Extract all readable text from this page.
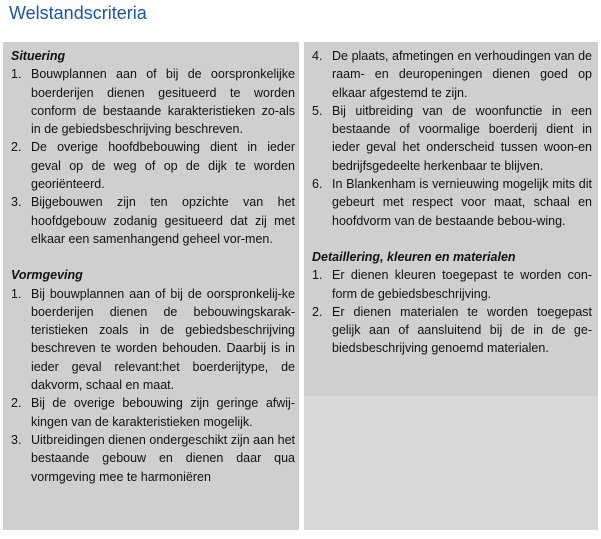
Welstandscriteria
Situering
1. Bouwplannen aan of bij de oorspronkelijke boerderijen dienen gesitueerd te worden conform de bestaande karakteristieken zo-als in de gebiedsbeschrijving beschreven.
2. De overige hoofdbebouwing dient in ieder geval op de weg of op de dijk te worden georiënteerd.
3. Bijgebouwen zijn ten opzichte van het hoofdgebouw zodanig gesitueerd dat zij met elkaar een samenhangend geheel vor-men.
Vormgeving
1. Bij bouwplannen aan of bij de oorspronkelij-ke boerderijen dienen de bebouwingskarak-teristieken zoals in de gebiedsbeschrijving beschreven te worden behouden. Daarbij is in ieder geval relevant:het boerderijtype, de dakvorm, schaal en maat.
2. Bij de overige bebouwing zijn geringe afwij-kingen van de karakteristieken mogelijk.
3. Uitbreidingen dienen ondergeschikt zijn aan het bestaande gebouw en dienen daar qua vormgeving mee te harmoniëren
4. De plaats, afmetingen en verhoudingen van de raam- en deuropeningen dienen goed op elkaar afgestemd te zijn.
5. Bij uitbreiding van de woonfunctie in een bestaande of voormalige boerderij dient in ieder geval het onderscheid tussen woon-en bedrijfsgedeelte herkenbaar te blijven.
6. In Blankenham is vernieuwing mogelijk mits dit gebeurt met respect voor maat, schaal en hoofdvorm van de bestaande bebou-wing.
Detaillering, kleuren en materialen
1. Er dienen kleuren toegepast te worden con-form de gebiedsbeschrijving.
2. Er dienen materialen te worden toegepast gelijk aan of aansluitend bij de in de ge-biedsbeschrijving genoemd materialen.
